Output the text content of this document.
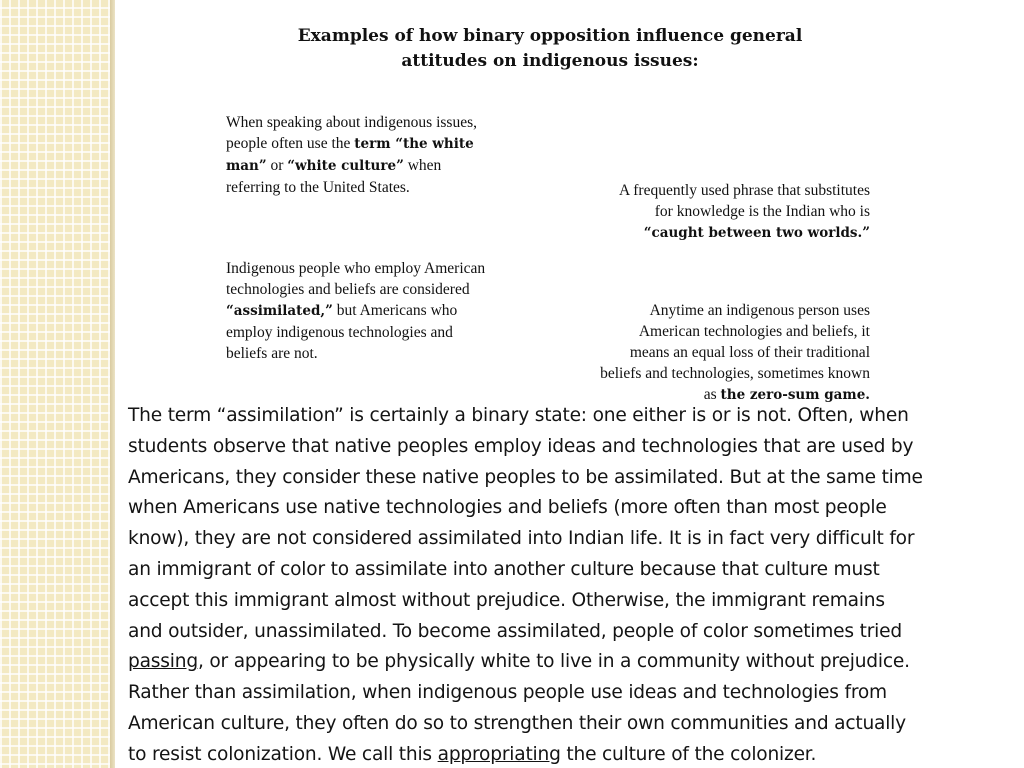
Examples of how binary opposition influence general
attitudes on indigenous issues:
When speaking about indigenous issues,
people often use the term “the white
man” or “white culture” when
referring to the United States.	A frequently used phrase that substitutes
for knowledge is the Indian who is
“caught between two worlds.”
Indigenous people who employ American
technologies and beliefs are considered
“assimilated,” but Americans who
employ indigenous technologies and
beliefs are not.
Anytime an indigenous person uses
American technologies and beliefs, it
means an equal loss of their traditional
beliefs and technologies, sometimes known
as the zero-sum game.

The term “assimilation” is certainly a binary state: one either is or is not. Often, when
students observe that native peoples employ ideas and technologies that are used by
Americans, they consider these native peoples to be assimilated. But at the same time
when Americans use native technologies and beliefs (more often than most people
know), they are not considered assimilated into Indian life. It is in fact very difficult for
an immigrant of color to assimilate into another culture because that culture must
accept this immigrant almost without prejudice. Otherwise, the immigrant remains
and outsider, unassimilated. To become assimilated, people of color sometimes tried
passing, or appearing to be physically white to live in a community without prejudice.
Rather than assimilation, when indigenous people use ideas and technologies from
American culture, they often do so to strengthen their own communities and actually
to resist colonization. We call this appropriating the culture of the colonizer.
